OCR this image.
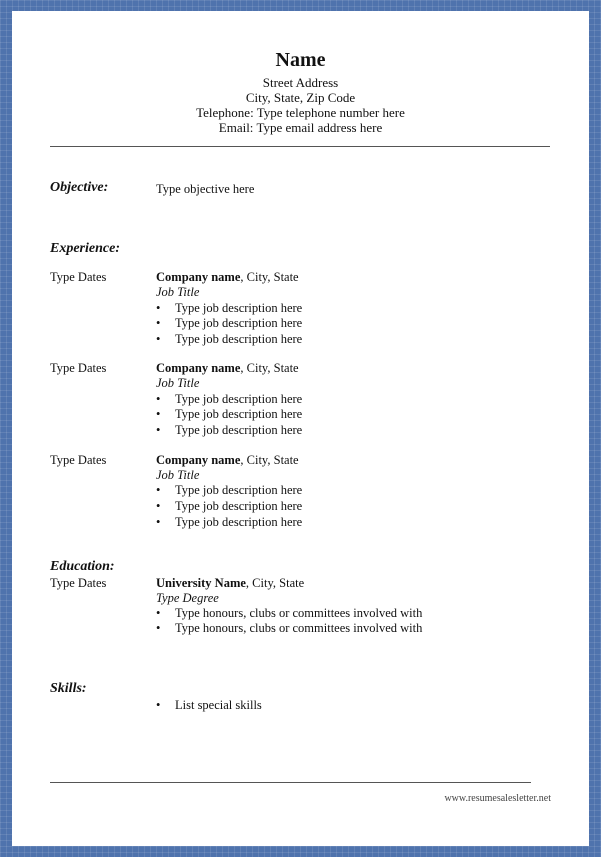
Name
Street Address
City, State, Zip Code
Telephone: Type telephone number here
Email: Type email address here
Objective:	Type objective here
Experience:
Type Dates	Company name, City, State
Job Title
• Type job description here
• Type job description here
• Type job description here
Type Dates	Company name, City, State
Job Title
• Type job description here
• Type job description here
• Type job description here
Type Dates	Company name, City, State
Job Title
• Type job description here
• Type job description here
• Type job description here
Education:
Type Dates	University Name, City, State
Type Degree
• Type honours, clubs or committees involved with
• Type honours, clubs or committees involved with
Skills:
• List special skills
www.resumesalesletter.net
